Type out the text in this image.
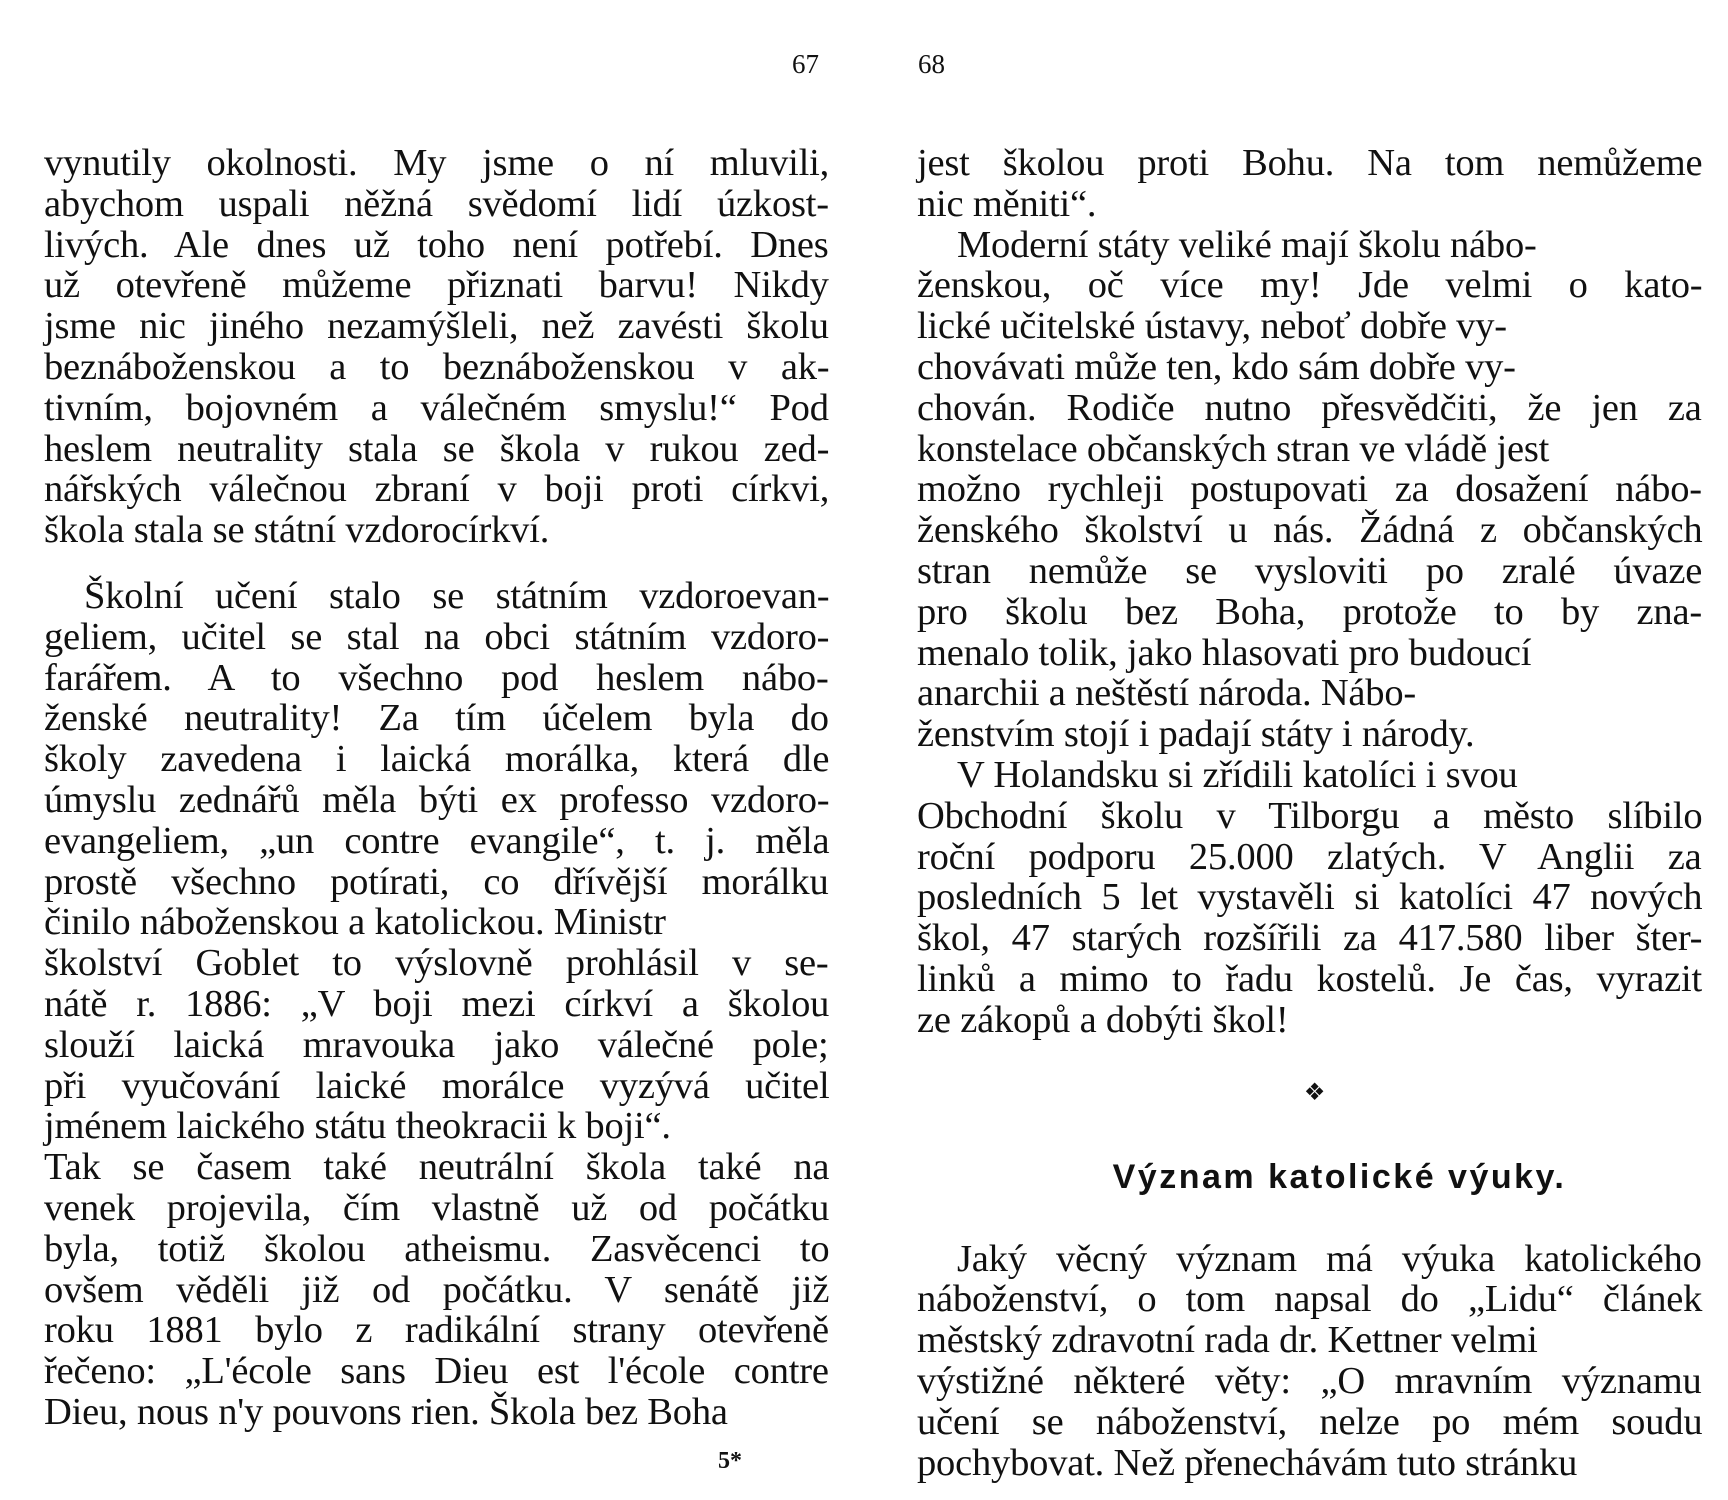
67	68
vynutily okolnosti. My jsme o ní mluvili,
abychom uspali něžná svědomí lidí úzkost-
livých. Ale dnes už toho není potřebí. Dnes
už otevřeně můžeme přiznati barvu! Nikdy
jsme nic jiného nezamýšleli, než zavésti školu
beznáboženskou a to beznáboženskou v ak-
tivním, bojovném a válečném smyslu!“ Pod
heslem neutrality stala se škola v rukou zed-
nářských válečnou zbraní v boji proti církvi,
škola stala se státní vzdorocírkví.
Školní učení stalo se státním vzdoroevan-
geliem, učitel se stal na obci státním vzdoro-
farářem. A to všechno pod heslem nábo-
ženské neutrality! Za tím účelem byla do
školy zavedena i laická morálka, která dle
úmyslu zednářů měla býti ex professo vzdoro-
evangeliem, „un contre evangile“, t. j. měla
prostě všechno potírati, co dřívější morálku
činilo náboženskou a katolickou. Ministr
školství Goblet to výslovně prohlásil v se-
nátě r. 1886: „V boji mezi církví a školou
slouží laická mravouka jako válečné pole;
při vyučování laické morálce vyzývá učitel
jménem laického státu theokracii k boji“.
Tak se časem také neutrální škola také na
venek projevila, čím vlastně už od počátku
byla, totiž školou atheismu. Zasvěcenci to
ovšem věděli již od počátku. V senátě již
roku 1881 bylo z radikální strany otevřeně
řečeno: „L'école sans Dieu est l'école contre
Dieu, nous n'y pouvons rien. Škola bez Boha
5*
jest školou proti Bohu. Na tom nemůžeme
nic měniti“.
Moderní státy veliké mají školu nábo-
ženskou, oč více my! Jde velmi o kato-
lické učitelské ústavy, neboť dobře vy-
chovávati může ten, kdo sám dobře vy-
chován. Rodiče nutno přesvědčiti, že jen za
konstelace občanských stran ve vládě jest
možno rychleji postupovati za dosažení nábo-
ženského školství u nás. Žádná z občanských
stran nemůže se vysloviti po zralé úvaze
pro školu bez Boha, protože to by zna-
menalo tolik, jako hlasovati pro budoucí
anarchii a neštěstí národa. Nábo-
ženstvím stojí i padají státy i národy.
V Holandsku si zřídili katolíci i svou
Obchodní školu v Tilborgu a město slíbilo
roční podporu 25.000 zlatých. V Anglii za
posledních 5 let vystavěli si katolíci 47 nových
škol, 47 starých rozšířili za 417.580 liber šter-
linků a mimo to řadu kostelů. Je čas, vyrazit
ze zákopů a dobýti škol!
❖
Význam katolické výuky.
Jaký věcný význam má výuka katolického
náboženství, o tom napsal do „Lidu“ článek
městský zdravotní rada dr. Kettner velmi
výstižné některé věty: „O mravním významu
učení se náboženství, nelze po mém soudu
pochybovat. Než přenechávám tuto stránku
